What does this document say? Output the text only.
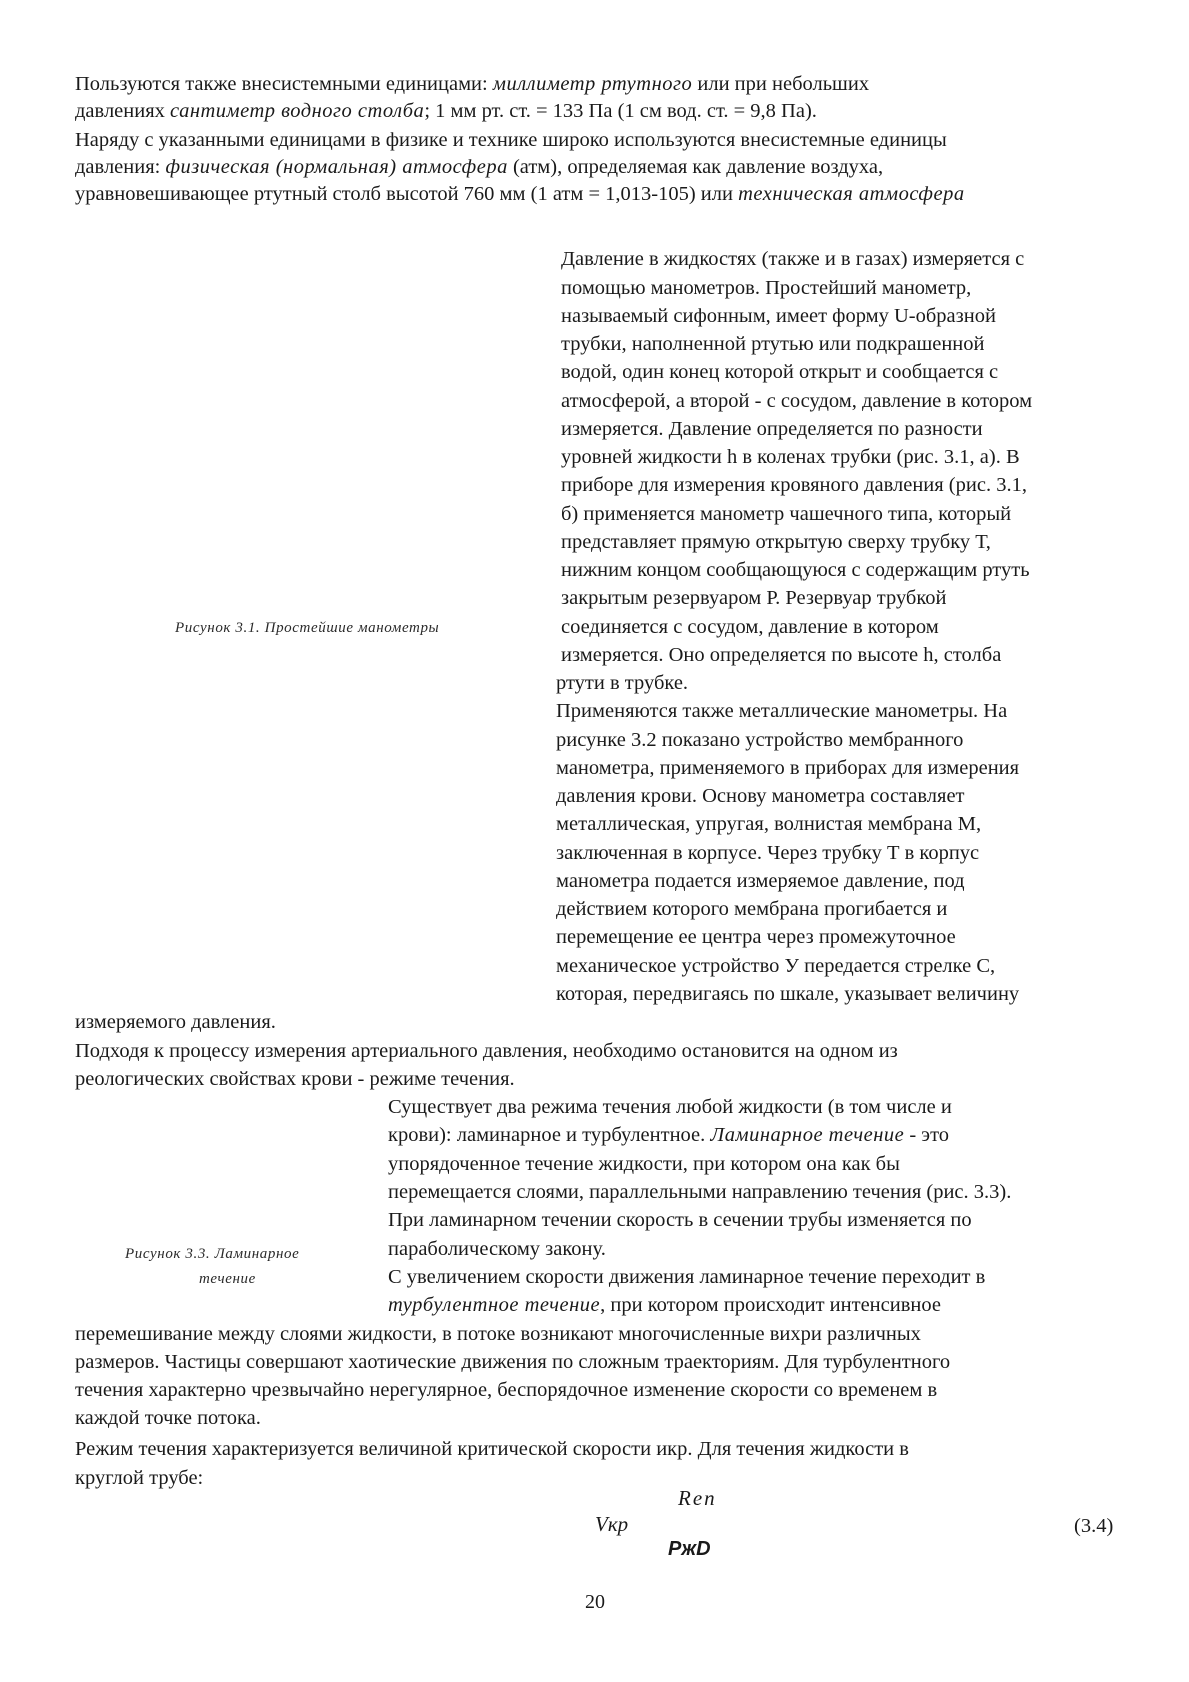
Пользуются также внесистемными единицами: миллиметр ртутного или при небольших
давлениях сантиметр водного столба; 1 мм рт. ст. = 133 Па (1 см вод. ст. = 9,8 Па).
Наряду с указанными единицами в физике и технике широко используются внесистемные единицы
давления: физическая (нормальная) атмосфера (атм), определяемая как давление воздуха,
уравновешивающее ртутный столб высотой 760 мм (1 атм = 1,013-105) или техническая атмосфера
Рисунок 3.1. Простейшие манометры
Давление в жидкостях (также и в газах) измеряется с
помощью манометров. Простейший манометр,
называемый сифонным, имеет форму U-образной
трубки, наполненной ртутью или подкрашенной
водой, один конец которой открыт и сообщается с
атмосферой, а второй - с сосудом, давление в котором
измеряется. Давление определяется по разности
уровней жидкости h в коленах трубки (рис. 3.1, а). В
приборе для измерения кровяного давления (рис. 3.1,
б) применяется манометр чашечного типа, который
представляет прямую открытую сверху трубку Т,
нижним концом сообщающуюся с содержащим ртуть
закрытым резервуаром Р. Резервуар трубкой
соединяется с сосудом, давление в котором
измеряется. Оно определяется по высоте h, столба
ртути в трубке.
Применяются также металлические манометры. На
рисунке 3.2 показано устройство мембранного
манометра, применяемого в приборах для измерения
давления крови. Основу манометра составляет
металлическая, упругая, волнистая мембрана М,
заключенная в корпусе. Через трубку Т в корпус
манометра подается измеряемое давление, под
действием которого мембрана прогибается и
перемещение ее центра через промежуточное
механическое устройство У передается стрелке С,
которая, передвигаясь по шкале, указывает величину
измеряемого давления.
Подходя к процессу измерения артериального давления, необходимо остановится на одном из
реологических свойствах крови - режиме течения.
Рисунок 3.3. Ламинарное
течение
Существует два режима течения любой жидкости (в том числе и
крови): ламинарное и турбулентное. Ламинарное течение - это
упорядоченное течение жидкости, при котором она как бы
перемещается слоями, параллельными направлению течения (рис. 3.3).
При ламинарном течении скорость в сечении трубы изменяется по
параболическому закону.
С увеличением скорости движения ламинарное течение переходит в
турбулентное течение, при котором происходит интенсивное
перемешивание между слоями жидкости, в потоке возникают многочисленные вихри различных
размеров. Частицы совершают хаотические движения по сложным траекториям. Для турбулентного
течения характерно чрезвычайно нерегулярное, беспорядочное изменение скорости со временем в
каждой точке потока.
Режим течения характеризуется величиной критической скорости икр. Для течения жидкости в
круглой трубе:
Vкр
Rеп
РжD
(3.4)
20
